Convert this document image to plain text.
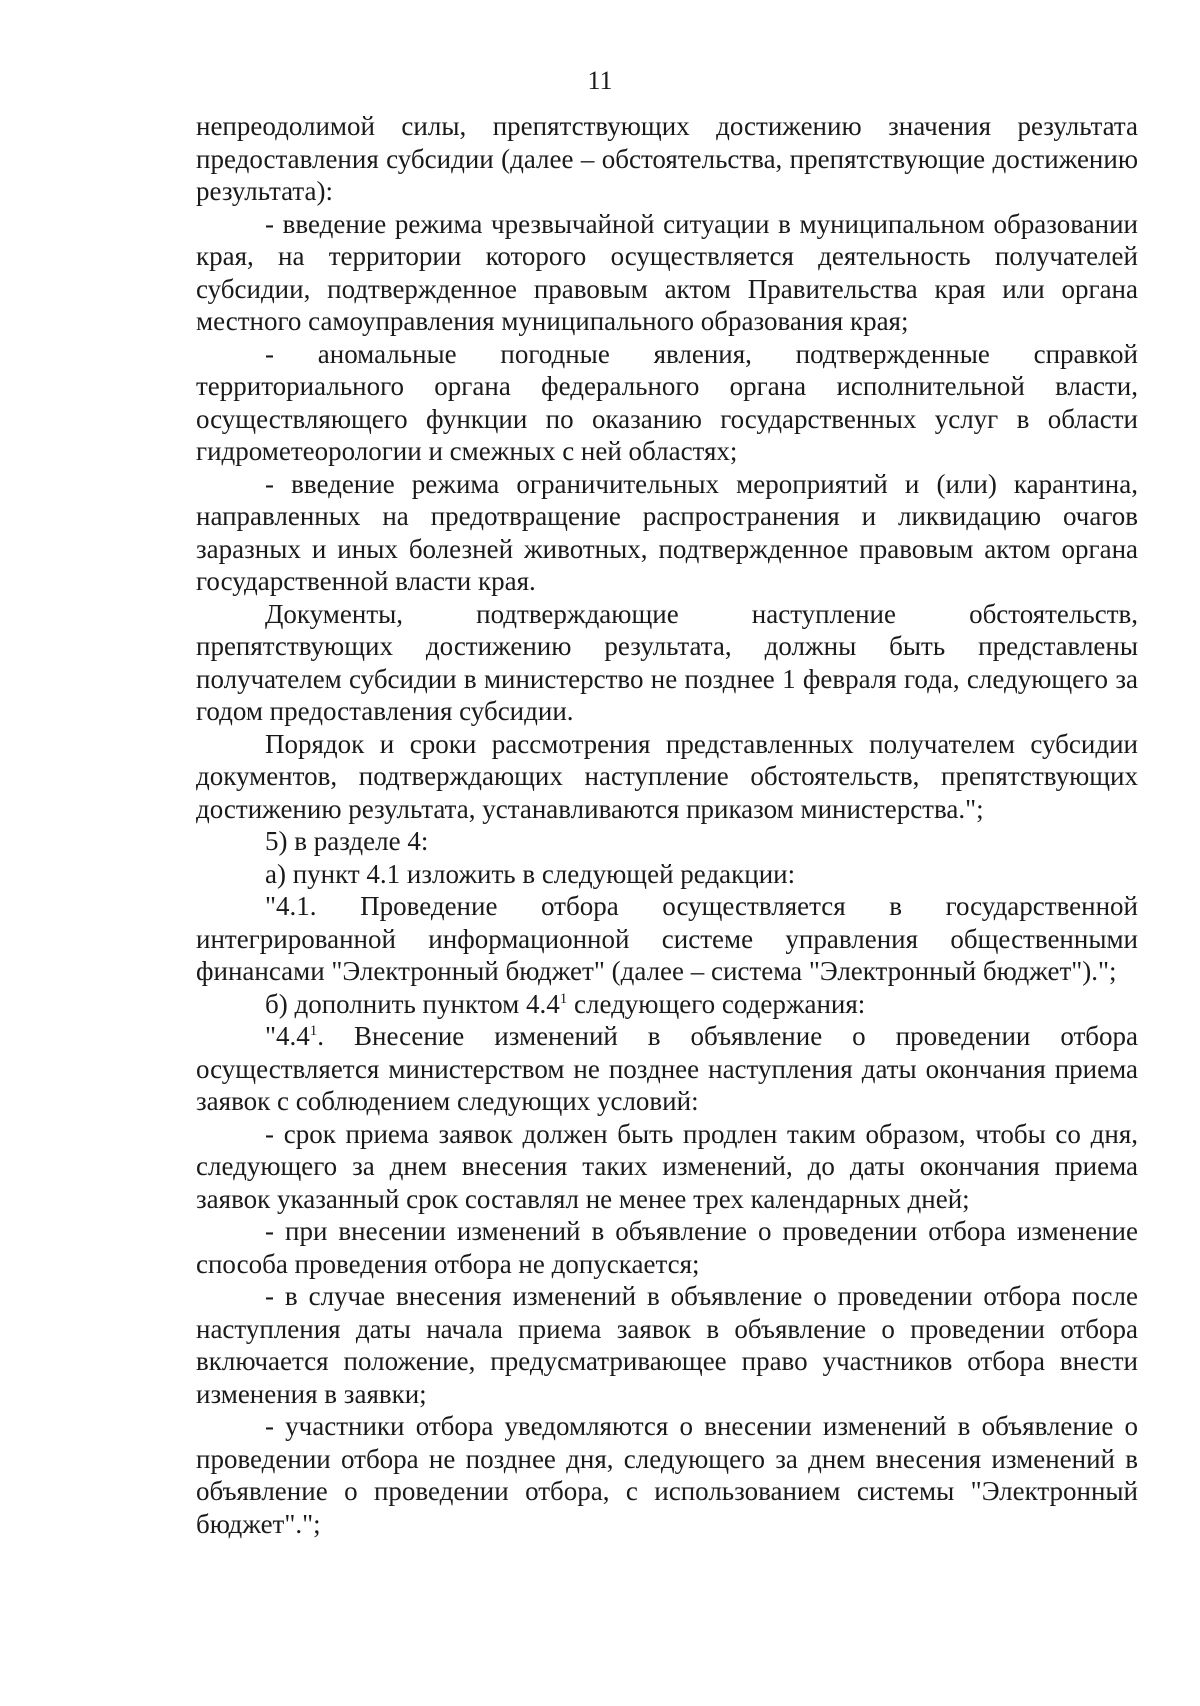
11

непреодолимой силы, препятствующих достижению значения результата предоставления субсидии (далее – обстоятельства, препятствующие достижению результата):

- введение режима чрезвычайной ситуации в муниципальном образовании края, на территории которого осуществляется деятельность получателей субсидии, подтвержденное правовым актом Правительства края или органа местного самоуправления муниципального образования края;

- аномальные погодные явления, подтвержденные справкой территориального органа федерального органа исполнительной власти, осуществляющего функции по оказанию государственных услуг в области гидрометеорологии и смежных с ней областях;

- введение режима ограничительных мероприятий и (или) карантина, направленных на предотвращение распространения и ликвидацию очагов заразных и иных болезней животных, подтвержденное правовым актом органа государственной власти края.

Документы, подтверждающие наступление обстоятельств, препятствующих достижению результата, должны быть представлены получателем субсидии в министерство не позднее 1 февраля года, следующего за годом предоставления субсидии.

Порядок и сроки рассмотрения представленных получателем субсидии документов, подтверждающих наступление обстоятельств, препятствующих достижению результата, устанавливаются приказом министерства.";

5) в разделе 4:

а) пункт 4.1 изложить в следующей редакции:

"4.1. Проведение отбора осуществляется в государственной интегрированной информационной системе управления общественными финансами "Электронный бюджет" (далее – система "Электронный бюджет").";

б) дополнить пунктом $4.4^1$ следующего содержания:

"$4.4^1$. Внесение изменений в объявление о проведении отбора осуществляется министерством не позднее наступления даты окончания приема заявок с соблюдением следующих условий:

- срок приема заявок должен быть продлен таким образом, чтобы со дня, следующего за днем внесения таких изменений, до даты окончания приема заявок указанный срок составлял не менее трех календарных дней;

- при внесении изменений в объявление о проведении отбора изменение способа проведения отбора не допускается;

- в случае внесения изменений в объявление о проведении отбора после наступления даты начала приема заявок в объявление о проведении отбора включается положение, предусматривающее право участников отбора внести изменения в заявки;

- участники отбора уведомляются о внесении изменений в объявление о проведении отбора не позднее дня, следующего за днем внесения изменений в объявление о проведении отбора, с использованием системы "Электронный бюджет".";
